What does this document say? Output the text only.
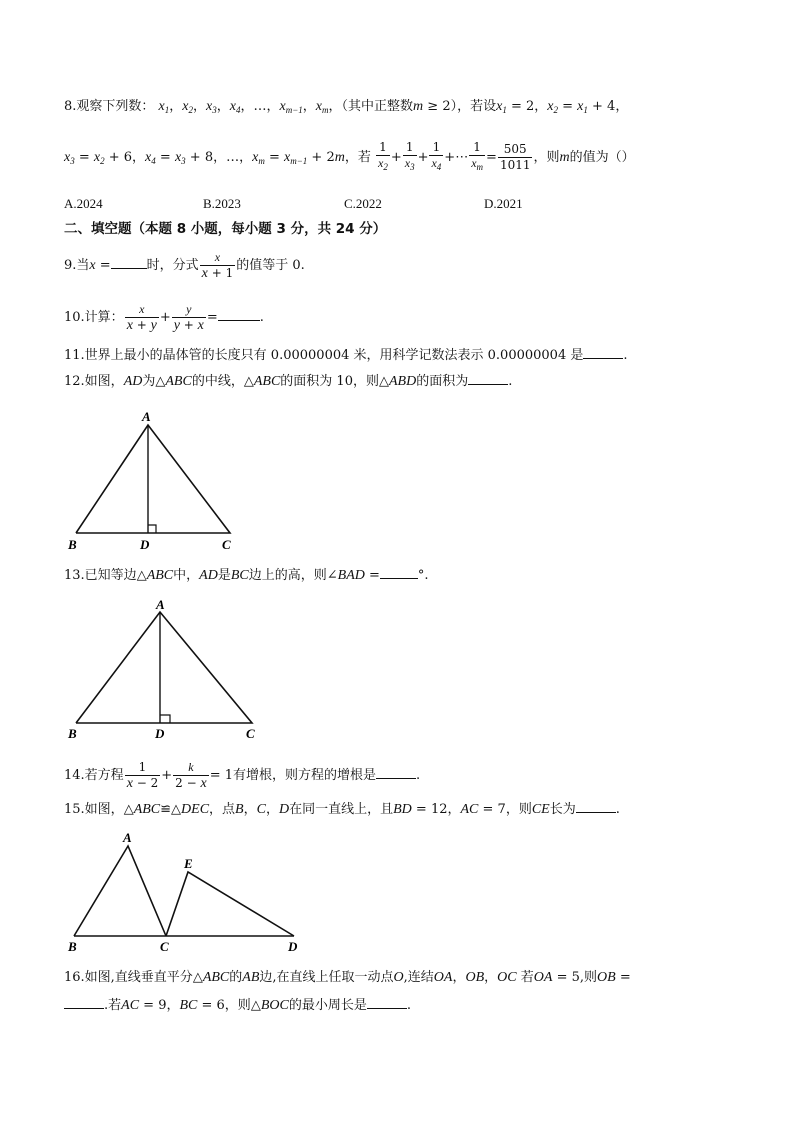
8.观察下列数： $x_1$，$x_2$，$x_3$，$x_4$，…，$x_{m-1}$，$x_m$，（其中正整数m ≥ 2），若设$x_1 = 2$，$x_2 = x_1 + 4$，
$x_3 = x_2 + 6$，$x_4 = x_3 + 8$，…，$x_m = x_{m-1} + 2m$，若 $\frac{1}{x_2} + \frac{1}{x_3} + \frac{1}{x_4}$ +⋯ $\frac{1}{x_m} = \frac{505}{1011}$ ，则m的值为（）
A.2024	B.2023	C.2022	D.2021
二、填空题（本题 8 小题，每小题 3 分，共 24 分）
9.当x =	时，分式 $\frac{x}{x + 1}$ 的值等于 0.
10.计算： $\frac{x}{x + y} + \frac{y}{y + x}$ =	.
11.世界上最小的晶体管的长度只有 0.00000004 米，用科学记数法表示 0.00000004 是	.
12.如图，AD为△ABC的中线，△ABC的面积为 10，则△ABD的面积为	.
A
B	D	C
13.已知等边△ABC中，AD是BC边上的高，则∠BAD =	°.
A
B	D	C
14.若方程 $\frac{1}{x - 2} + \frac{k}{2 - x} = 1$有增根，则方程的增根是	.
15.如图，△ABC≌△DEC，点B，C，D在同一直线上，且BD = 12，AC = 7，则CE长为	.
A
E
B	C	D
16.如图,直线垂直平分△ABC的AB边,在直线上任取一动点O,连结OA，OB，OC 若OA = 5,则OB =
.若AC = 9，BC = 6，则△BOC的最小周长是	.
